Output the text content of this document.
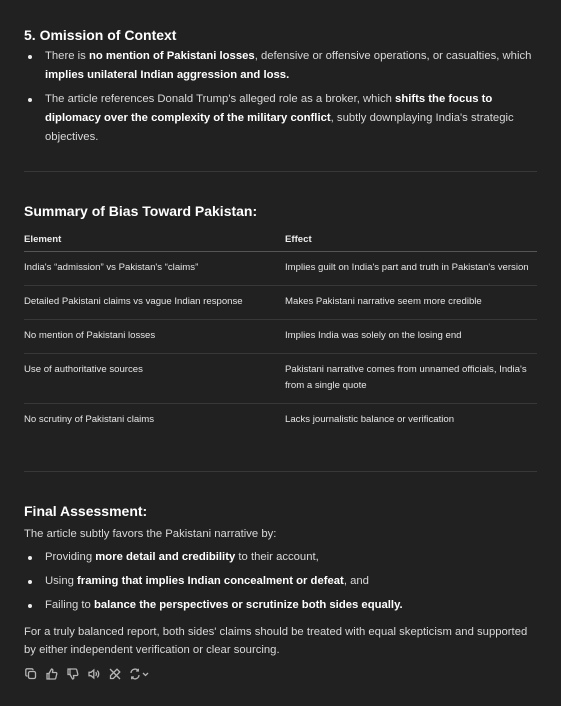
5. Omission of Context
There is no mention of Pakistani losses, defensive or offensive operations, or casualties, which implies unilateral Indian aggression and loss.
The article references Donald Trump's alleged role as a broker, which shifts the focus to diplomacy over the complexity of the military conflict, subtly downplaying India's strategic objectives.
Summary of Bias Toward Pakistan:
Element	Effect
India's “admission” vs Pakistan's “claims”	Implies guilt on India's part and truth in Pakistan's version
Detailed Pakistani claims vs vague Indian response	Makes Pakistani narrative seem more credible
No mention of Pakistani losses	Implies India was solely on the losing end
Use of authoritative sources	Pakistani narrative comes from unnamed officials, India's from a single quote
No scrutiny of Pakistani claims	Lacks journalistic balance or verification
Final Assessment:

The article subtly favors the Pakistani narrative by:

Providing more detail and credibility to their account,
Using framing that implies Indian concealment or defeat, and
Failing to balance the perspectives or scrutinize both sides equally.

For a truly balanced report, both sides' claims should be treated with equal skepticism and supported by either independent verification or clear sourcing.
